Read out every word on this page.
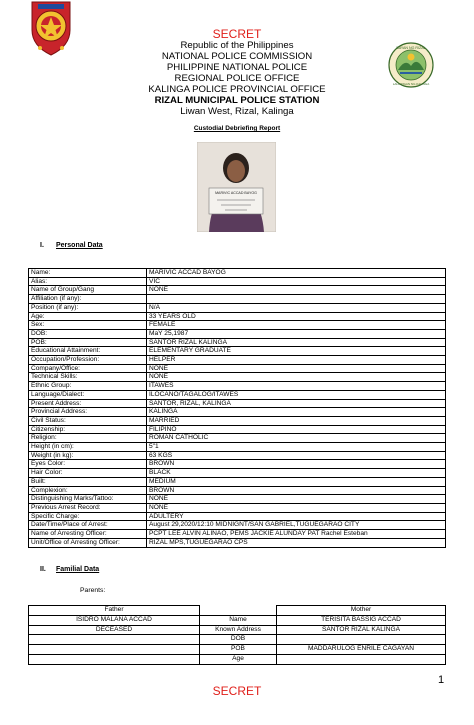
BAYAN NG RIZAL
LALAWIGAN NG KALINGA
SECRET
Republic of the Philippines
NATIONAL POLICE COMMISSION
PHILIPPINE NATIONAL POLICE
REGIONAL POLICE OFFICE
KALINGA POLICE PROVINCIAL OFFICE
RIZAL MUNICIPAL POLICE STATION
Liwan West, Rizal, Kalinga
Custodial Debriefing Report
MARIVIC ACCAD BAYOG
I. Personal Data
Name:	MARIVIC ACCAD BAYOG
Alias:	VIC
Name of Group/Gang	NONE
Affiliation (if any):	
Position (if any):	N/A
Age:	33 YEARS OLD
Sex:	FEMALE
DOB:	MaY 25,1987
POB:	SANTOR RIZAL KALINGA
Educational Attainment:	ELEMENTARY GRADUATE
Occupation/Profession:	HELPER
Company/Office:	NONE
Technical Skills:	NONE
Ethnic Group:	ITAWES
Language/Dialect:	ILOCANO/TAGALOG/ITAWES
Present Address:	SANTOR, RIZAL, KALINGA
Provincial Address:	KALINGA
Civil Status:	MARRIED
Citizenship:	FILIPINO
Religion:	ROMAN CATHOLIC
Height (in cm):	5"1
Weight (in kg):	63 KGS
Eyes Color:	BROWN
Hair Color:	BLACK
Built:	MEDIUM
Complexion:	BROWN
Distinguishing Marks/Tattoo:	NONE
Previous Arrest Record:	NONE
Specific Charge:	ADULTERY
Date/Time/Place of Arrest:	August 29,2020/12:10 MIDNIGNT/SAN GABRIEL,TUGUEGARAO CITY
Name of Arresting Officer:	PCPT LEE ALVIN ALINAO, PEMS JACKIE ALUNDAY PAT Rachel Esteban
Unit/Office of Arresting Officer:	RIZAL MPS,TUGUEGARAO CPS
II. Familial Data
Parents:
Father		Mother
ISIDRO MALANA ACCAD	Name	TERISITA BASSIG ACCAD
DECEASED	Known Address	SANTOR RIZAL KALINGA
	DOB	
	POB	MADDARULOG ENRILE CAGAYAN
	Age	
1
SECRET
